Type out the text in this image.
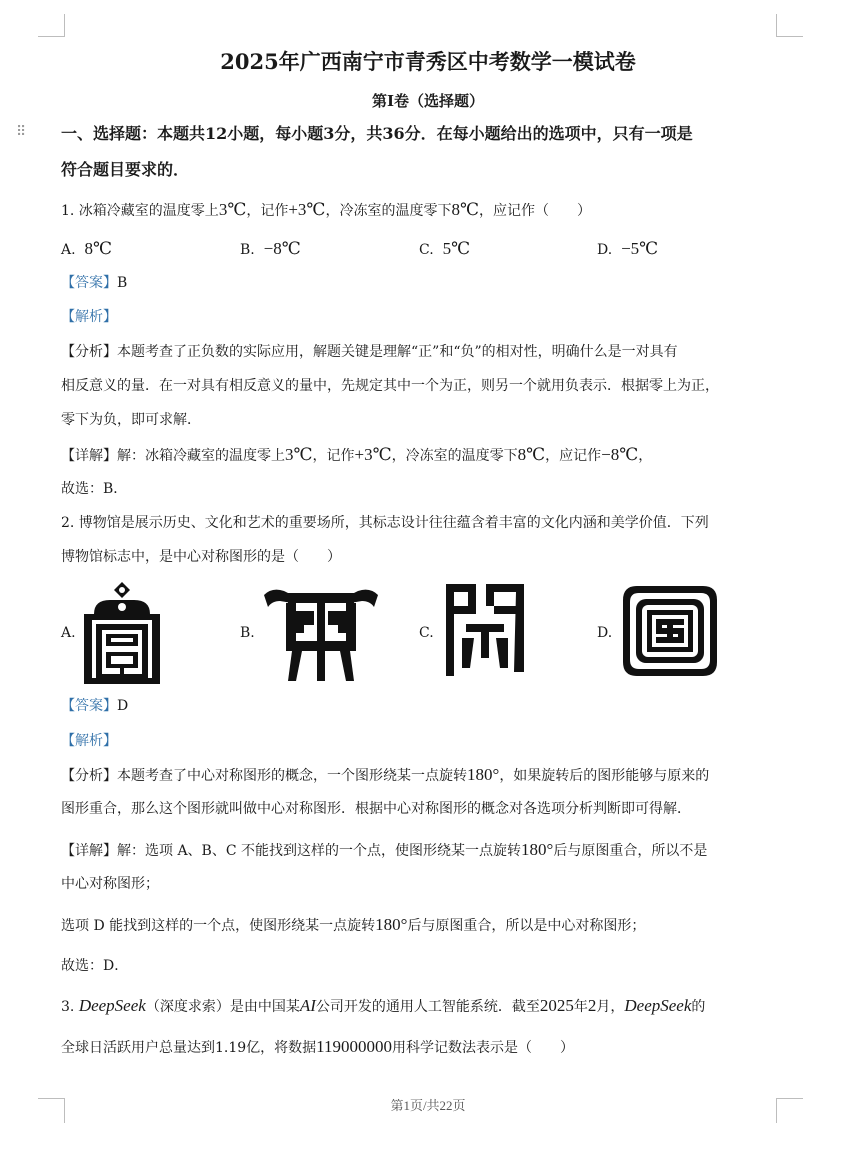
⠿
2025年广西南宁市青秀区中考数学一模试卷
第I卷（选择题）
一、选择题：本题共12小题，每小题3分，共36分．在每小题给出的选项中，只有一项是
符合题目要求的．
1. 冰箱冷藏室的温度零上3℃，记作+3℃，冷冻室的温度零下8℃，应记作（　　）
A. 8℃	B. −8℃	C. 5℃	D. −5℃
【答案】B
【解析】
【分析】本题考查了正负数的实际应用，解题关键是理解“正”和“负”的相对性，明确什么是一对具有
相反意义的量．在一对具有相反意义的量中，先规定其中一个为正，则另一个就用负表示．根据零上为正，
零下为负，即可求解．
【详解】解：冰箱冷藏室的温度零上3℃，记作+3℃，冷冻室的温度零下8℃，应记作−8℃，
故选：B．
2. 博物馆是展示历史、文化和艺术的重要场所，其标志设计往往蕴含着丰富的文化内涵和美学价值．下列
博物馆标志中，是中心对称图形的是（　　）
A.	B.	C.	D.
【答案】D
【解析】
【分析】本题考查了中心对称图形的概念，一个图形绕某一点旋转180°，如果旋转后的图形能够与原来的
图形重合，那么这个图形就叫做中心对称图形．根据中心对称图形的概念对各选项分析判断即可得解．
【详解】解：选项 A、B、C 不能找到这样的一个点，使图形绕某一点旋转180°后与原图重合，所以不是
中心对称图形；
选项 D 能找到这样的一个点，使图形绕某一点旋转180°后与原图重合，所以是中心对称图形；
故选：D．
3. DeepSeek（深度求索）是由中国某AI公司开发的通用人工智能系统．截至2025年2月，DeepSeek的
全球日活跃用户总量达到1.19亿，将数据119000000用科学记数法表示是（　　）
第1页/共22页
